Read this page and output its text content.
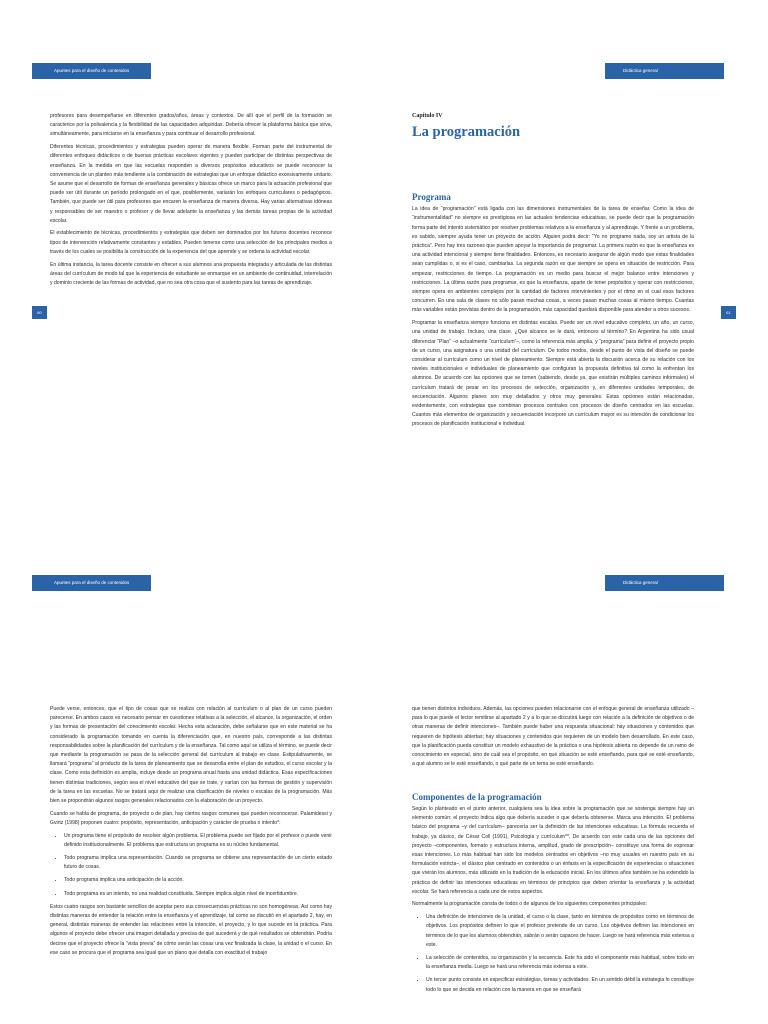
Apuntes para el diseño de contenidos

profesores para desempeñarse en diferentes grados/años, áreas y contextos. De allí que el perfil de la formación se caracterice por la polivalencia y la flexibilidad de las capacidades adquiridas. Debería ofrecer la plataforma básica que sirva, simultáneamente, para iniciarse en la enseñanza y para continuar el desarrollo profesional.

Diferentes técnicas, procedimientos y estrategias pueden operar de manera flexible. Forman parte del instrumental de diferentes enfoques didácticos o de buenas prácticas escolares vigentes y pueden participar de distintas perspectivas de enseñanza. En la medida en que las escuelas responden a diversos propósitos educativos se puede reconocer la conveniencia de un planteo más tendiente a la combinación de estrategias que un enfoque didáctico excesivamente unitario. Se asume que el desarrollo de formas de enseñanza generales y básicas ofrece un marco para la actuación profesional que puede ser útil durante un período prolongado en el que, posiblemente, variarán los enfoques curriculares o pedagógicos. También, que puede ser útil para profesores que encaren la enseñanza de manera diversa. Hay varias alternativas idóneas y responsables de ser maestro o profesor y de llevar adelante la enseñanza y las demás tareas propias de la actividad escolar.

El establecimiento de técnicas, procedimientos y estrategias que deben ser dominados por los futuros docentes reconoce tipos de intervención relativamente constantes y estables. Pueden tenerse como una selección de los principales medios a través de los cuales se posibilita la construcción de la experiencia del que aprende y se ordena la actividad escolar.

En última instancia, la tarea docente consiste en ofrecer a sus alumnos una propuesta integrada y articulada de las distintas áreas del currículum de modo tal que la experiencia de estudiante se enmarque en un ambiente de continuidad, interrelación y dominio creciente de las formas de actividad, que no sea otra cosa que el sustento para las tareas de aprendizaje.

60
Didáctica general
Capítulo IV
La programación
Programa

La idea de “programación” está ligada con las dimensiones instrumentales de la tarea de enseñar. Como la idea de “instrumentalidad” no siempre es prestigiosa en las actuales tendencias educativas, se puede decir que la programación forma parte del intento sistemático por resolver problemas relativos a la enseñanza y al aprendizaje. Y frente a un problema, es sabido, siempre ayuda tener un proyecto de acción. Alguien podrá decir: “Yo no programo nada, soy un artista de la práctica”. Pero hay tres razones que pueden apoyar la importancia de programar. La primera razón es que la enseñanza es una actividad intencional y siempre tiene finalidades. Entonces, es necesario asegurar de algún modo que estas finalidades sean cumplidas o, si es el caso, cambiarlas. La segunda razón es que siempre se opera en situación de restricción. Para empezar, restricciones de tiempo. La programación es un medio para buscar el mejor balance entre intenciones y restricciones. La última razón para programar, es que la enseñanza, aparte de tener propósitos y operar con restricciones, siempre opera en ambientes complejos por la cantidad de factores intervinientes y por el ritmo en el cual esos factores concurren. En una sala de clases no sólo pasan muchas cosas, a veces pasan muchas cosas al mismo tiempo. Cuantas más variables están previstas dentro de la programación, más capacidad quedará disponible para atender a otros sucesos.

Programar la enseñanza siempre funciona en distintas escalas. Puede ser un nivel educativo completo, un año, un curso, una unidad de trabajo. Incluso, una clase. ¿Qué alcance se le dará, entonces al término? En Argentina ha sido usual diferenciar “Plan” –o actualmente “currículum”–, como la referencia más amplia, y “programa” para definir el proyecto propio de un curso, una asignatura o una unidad del currículum. De todos modos, desde el punto de vista del diseño se puede considerar al currículum como un nivel de planeamiento. Siempre está abierta la discusión acerca de su relación con los niveles institucionales e individuales de planeamiento que configuran la propuesta definitiva tal como la enfrentan los alumnos. De acuerdo con las opciones que se tomen (sabiendo, desde ya, que existirán múltiples caminos informales) el currículum tratará de pesar en los procesos de selección, organización y, en diferentes unidades temporales, de secuenciación. Algunos planes son muy detallados y otros muy generales. Estas opciones están relacionadas, evidentemente, con estrategias que combinan procesos centrales con procesos de diseño centrados en las escuelas. Cuantos más elementos de organización y secuenciación incorpore un currículum mayor es su intención de condicionar los procesos de planificación institucional e individual.

61
Apuntes para el diseño de contenidos

Puede verse, entonces, que el tipo de cosas que se realiza con relación al currículum o al plan de un curso pueden parecerse. En ambos casos es necesario pensar en cuestiones relativas a la selección, el alcance, la organización, el orden y las formas de presentación del conocimiento escolar. Hecha esta aclaración, debe señalarse que en este material se ha considerado la programación tomando en cuenta la diferenciación que, en nuestro país, corresponde a las distintas responsabilidades sobre la planificación del currículum y de la enseñanza. Tal como aquí se utiliza el término, se puede decir que mediante la programación se pasa de la selección general del currículum al trabajo en clase. Estipulativamente, se llamará “programa” al producto de la tarea de planeamiento que se desarrolla entre el plan de estudios, el curso escolar y la clase. Como esta definición es amplia, incluye desde un programa anual hasta una unidad didáctica. Esas especificaciones tienen distintas tradiciones, según sea el nivel educativo del que se trate, y varían con las formas de gestión y supervisión de la tarea en las escuelas. No se tratará aquí de realizar una clasificación de niveles o escalas de la programación. Más bien se propondrán algunos rasgos generales relacionados con la elaboración de un proyecto.

Cuando se habla de programa, de proyecto o de plan, hay ciertos rasgos comunes que pueden reconocerse. Palamidessi y Gvirtz (1998) proponen cuatro: propósito, representación, anticipación y carácter de prueba o intento*:

• Un programa tiene el propósito de resolver algún problema. El problema puede ser fijado por el profesor o puede venir definido institucionalmente. El problema que estructura un programa es su núcleo fundamental.
• Todo programa implica una representación. Cuando se programa se obtiene una representación de un cierto estado futuro de cosas.
• Todo programa implica una anticipación de la acción.
• Todo programa es un intento, no una realidad constituida. Siempre implica algún nivel de incertidumbre.

Estos cuatro rasgos son bastante sencillos de aceptar pero sus consecuencias prácticas no son homogéneas. Así como hay distintas maneras de entender la relación entre la enseñanza y el aprendizaje, tal como se discutió en el apartado 2, hay, en general, distintas maneras de entender las relaciones entre la intención, el proyecto, y lo que sucede en la práctica. Para algunos el proyecto debe ofrecer una imagen detallada y precisa de qué sucederá y de qué resultados se obtendrán. Podría decirse que el proyecto ofrece la “vista previa” de cómo serán las cosas una vez finalizada la clase, la unidad o el curso. En ese caso se procura que el programa sea igual que un plano que detalla con exactitud el trabajo

Didáctica general

que tienen distintos individuos. Además, las opciones pueden relacionarse con el enfoque general de enseñanza utilizado –para lo que puede el lector remitirse al apartado 2 y a lo que se discutirá luego con relación a la definición de objetivos o de otras maneras de definir intenciones–. También puede haber una respuesta situacional: hay situaciones y contenidos que requieren de hipótesis abiertas; hay situaciones y contenidos que requieren de un modelo bien desarrollado. En este caso, que la planificación pueda constituir un modelo exhaustivo de la práctica o una hipótesis abierta no depende de un ramo de conocimiento en especial, sino de cuál sea el propósito, en qué situación se esté enseñando, para qué se esté enseñando, a qué alumno se le esté enseñando, o qué parte de un tema se esté enseñando.

Componentes de la programación

Según lo planteado en el punto anterior, cualquiera sea la idea sobre la programación que se sostenga siempre hay un elemento común: el proyecto indica algo que debería suceder o que debería obtenerse. Marca una intención. El problema básico del programa –y del currículum– parecería ser la definición de las intenciones educativas. La fórmula recuerda el trabajo, ya clásico, de César Coll (1991), Psicología y currículum**. De acuerdo con este cada una de las opciones del proyecto –componentes, formato y estructura interna, amplitud, grado de prescripción– constituye una forma de expresar esas intenciones. Lo más habitual han sido los modelos centrados en objetivos –no muy usuales en nuestro país en su formulación estricta–, el clásico plan centrado en contenidos o un énfasis en la especificación de experiencias o situaciones que vivirán los alumnos, más utilizado en la tradición de la educación inicial. En los últimos años también se ha extendido la práctica de definir las intenciones educativas en términos de principios que deben orientar la enseñanza y la actividad escolar. Se hará referencia a cada uno de estos aspectos.

Normalmente la programación consta de todos o de algunos de los siguientes componentes principales:

• Una definición de intenciones de la unidad, el curso o la clase, tanto en términos de propósitos como en términos de objetivos. Los propósitos definen lo que el profesor pretende de un curso. Los objetivos definen las intenciones en términos de lo que los alumnos obtendrán, sabrán o serán capaces de hacer. Luego se hará referencia más extensa a este.
• La selección de contenidos, su organización y la secuencia. Este ha sido el componente más habitual, sobre todo en la enseñanza media. Luego se hará una referencia más extensa a este.
• Un tercer punto consiste en especificar estrategias, tareas y actividades. En un sentido débil la estrategia lo constituye todo lo que se decida en relación con la manera en que se enseñará
